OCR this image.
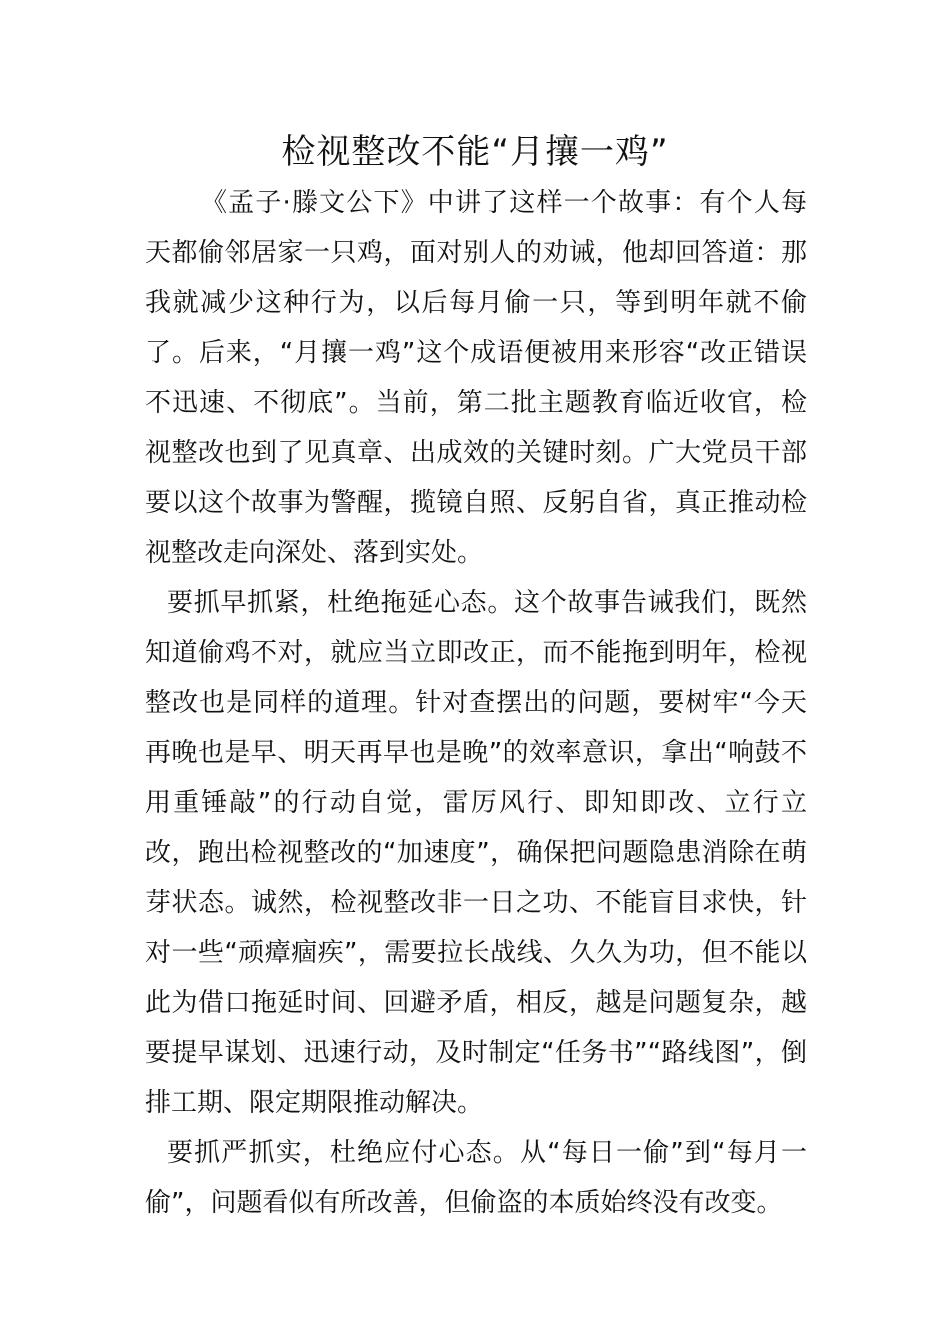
检视整改不能“月攘一鸡”

《孟子·滕文公下》中讲了这样一个故事：有个人每天都偷邻居家一只鸡，面对别人的劝诫，他却回答道：那我就减少这种行为，以后每月偷一只，等到明年就不偷了。后来，“月攘一鸡”这个成语便被用来形容“改正错误不迅速、不彻底”。当前，第二批主题教育临近收官，检视整改也到了见真章、出成效的关键时刻。广大党员干部要以这个故事为警醒，揽镜自照、反躬自省，真正推动检视整改走向深处、落到实处。

要抓早抓紧，杜绝拖延心态。这个故事告诫我们，既然知道偷鸡不对，就应当立即改正，而不能拖到明年，检视整改也是同样的道理。针对查摆出的问题，要树牢“今天再晚也是早、明天再早也是晚”的效率意识，拿出“响鼓不用重锤敲”的行动自觉，雷厉风行、即知即改、立行立改，跑出检视整改的“加速度”，确保把问题隐患消除在萌芽状态。诚然，检视整改非一日之功、不能盲目求快，针对一些“顽瘴痼疾”，需要拉长战线、久久为功，但不能以此为借口拖延时间、回避矛盾，相反，越是问题复杂，越要提早谋划、迅速行动，及时制定“任务书”“路线图”，倒排工期、限定期限推动解决。

要抓严抓实，杜绝应付心态。从“每日一偷”到“每月一偷”，问题看似有所改善，但偷盗的本质始终没有改变。
